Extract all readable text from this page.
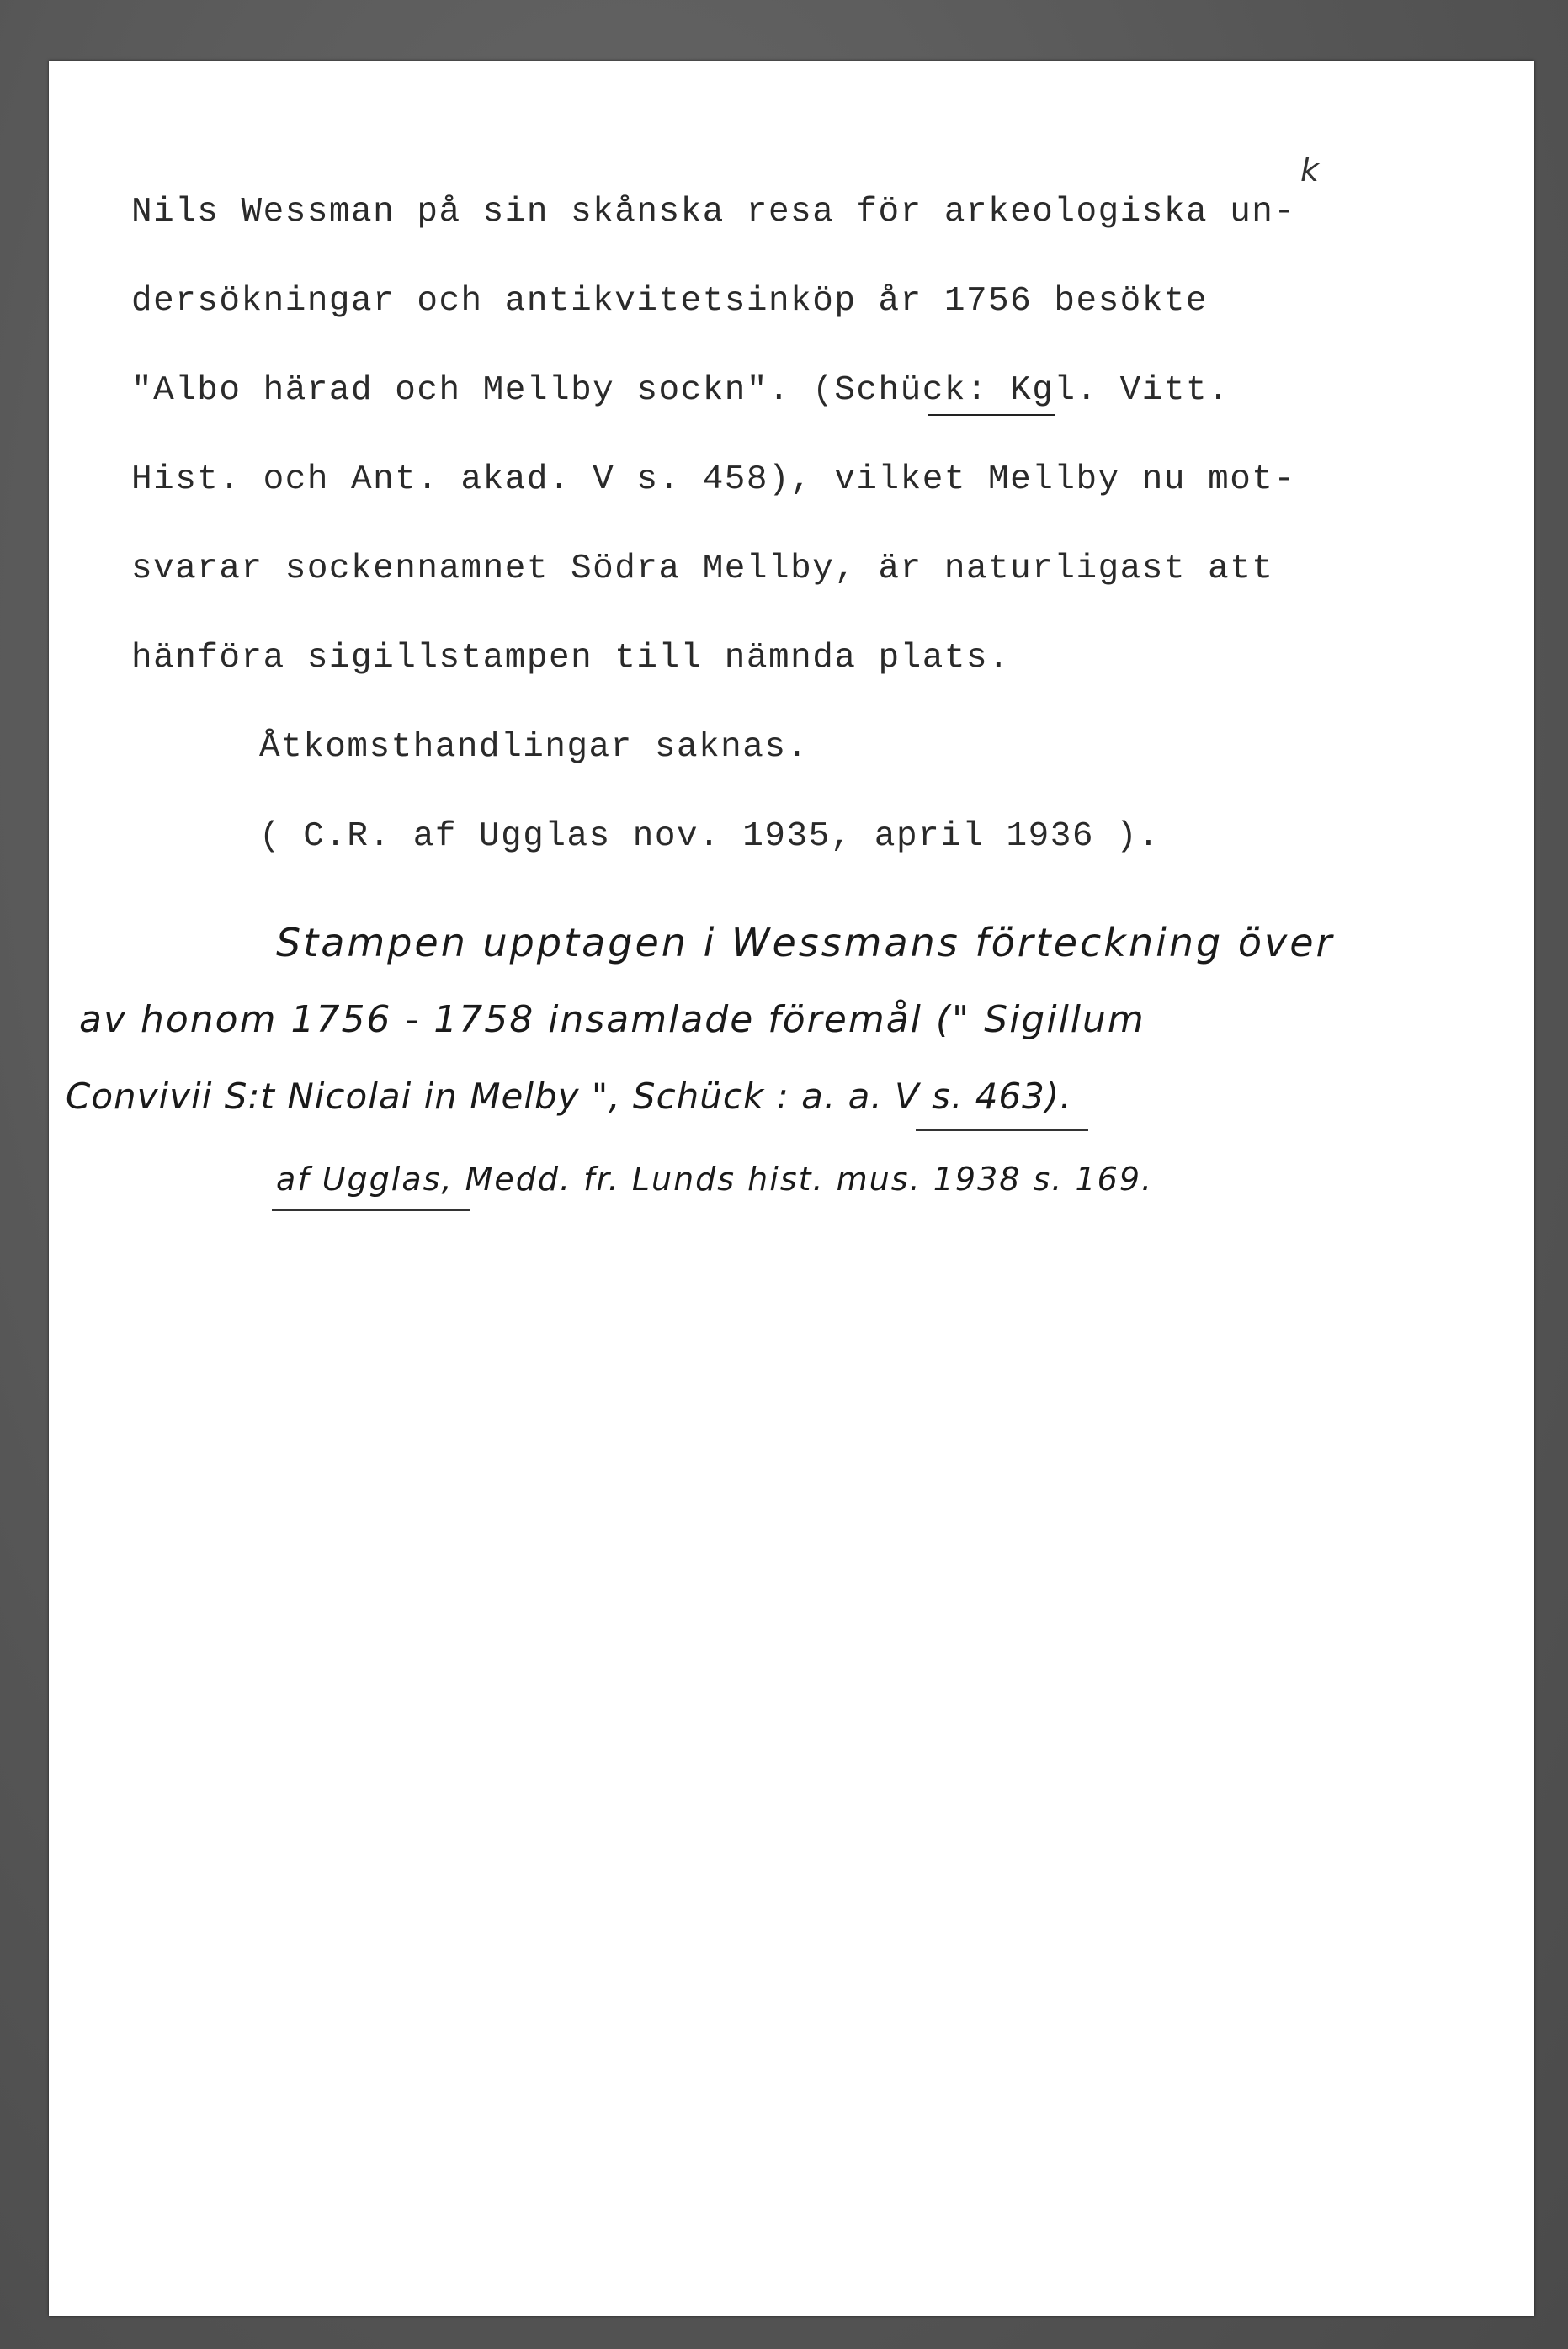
k
Nils Wessman på sin skånska resa för arkeologiska un-
dersökningar och antikvitetsinköp år 1756 besökte
"Albo härad och Mellby sockn". (Schück: Kgl. Vitt.
Hist. och Ant. akad. V s. 458), vilket Mellby nu mot-
svarar sockennamnet Södra Mellby, är naturligast att
hänföra sigillstampen till nämnda plats.
Åtkomsthandlingar saknas.
( C.R. af Ugglas nov. 1935, april 1936 ).
Stampen upptagen i Wessmans förteckning över
av honom 1756 - 1758 insamlade föremål (" Sigillum
Convivii S:t Nicolai in Melby ", Schück : a. a. V s. 463).
af Ugglas, Medd. fr. Lunds hist. mus. 1938 s. 169.
